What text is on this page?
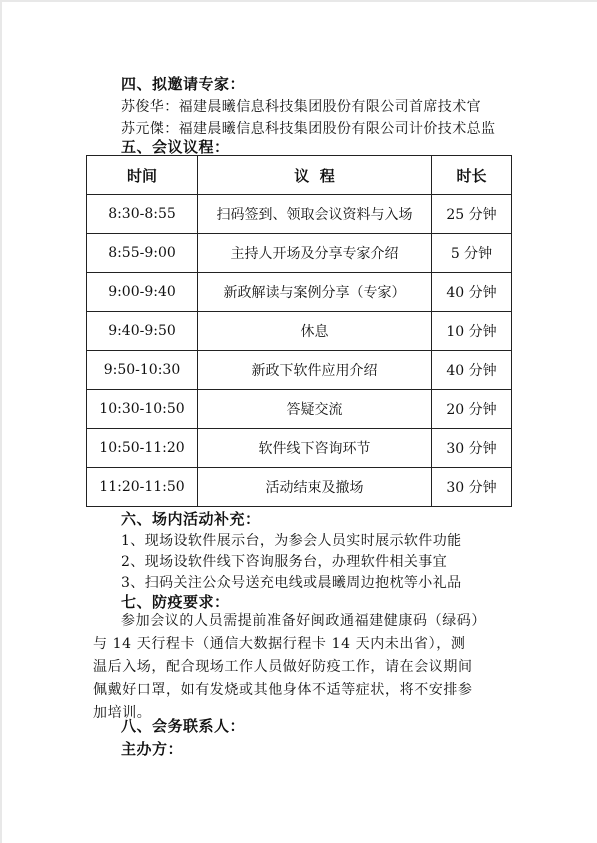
四、拟邀请专家：
苏俊华：福建晨曦信息科技集团股份有限公司首席技术官
苏元傑：福建晨曦信息科技集团股份有限公司计价技术总监
五、会议议程：
时间	议  程	时长
8:30-8:55	扫码签到、领取会议资料与入场	25 分钟
8:55-9:00	主持人开场及分享专家介绍	5 分钟
9:00-9:40	新政解读与案例分享（专家）	40 分钟
9:40-9:50	休息	10 分钟
9:50-10:30	新政下软件应用介绍	40 分钟
10:30-10:50	答疑交流	20 分钟
10:50-11:20	软件线下咨询环节	30 分钟
11:20-11:50	活动结束及撤场	30 分钟
六、场内活动补充：
1、现场设软件展示台，为参会人员实时展示软件功能
2、现场设软件线下咨询服务台，办理软件相关事宜
3、扫码关注公众号送充电线或晨曦周边抱枕等小礼品
七、防疫要求：
参加会议的人员需提前准备好闽政通福建健康码（绿码）
与 14 天行程卡（通信大数据行程卡 14 天内未出省），测
温后入场，配合现场工作人员做好防疫工作，请在会议期间
佩戴好口罩，如有发烧或其他身体不适等症状，将不安排参
加培训。
八、会务联系人：
主办方：
